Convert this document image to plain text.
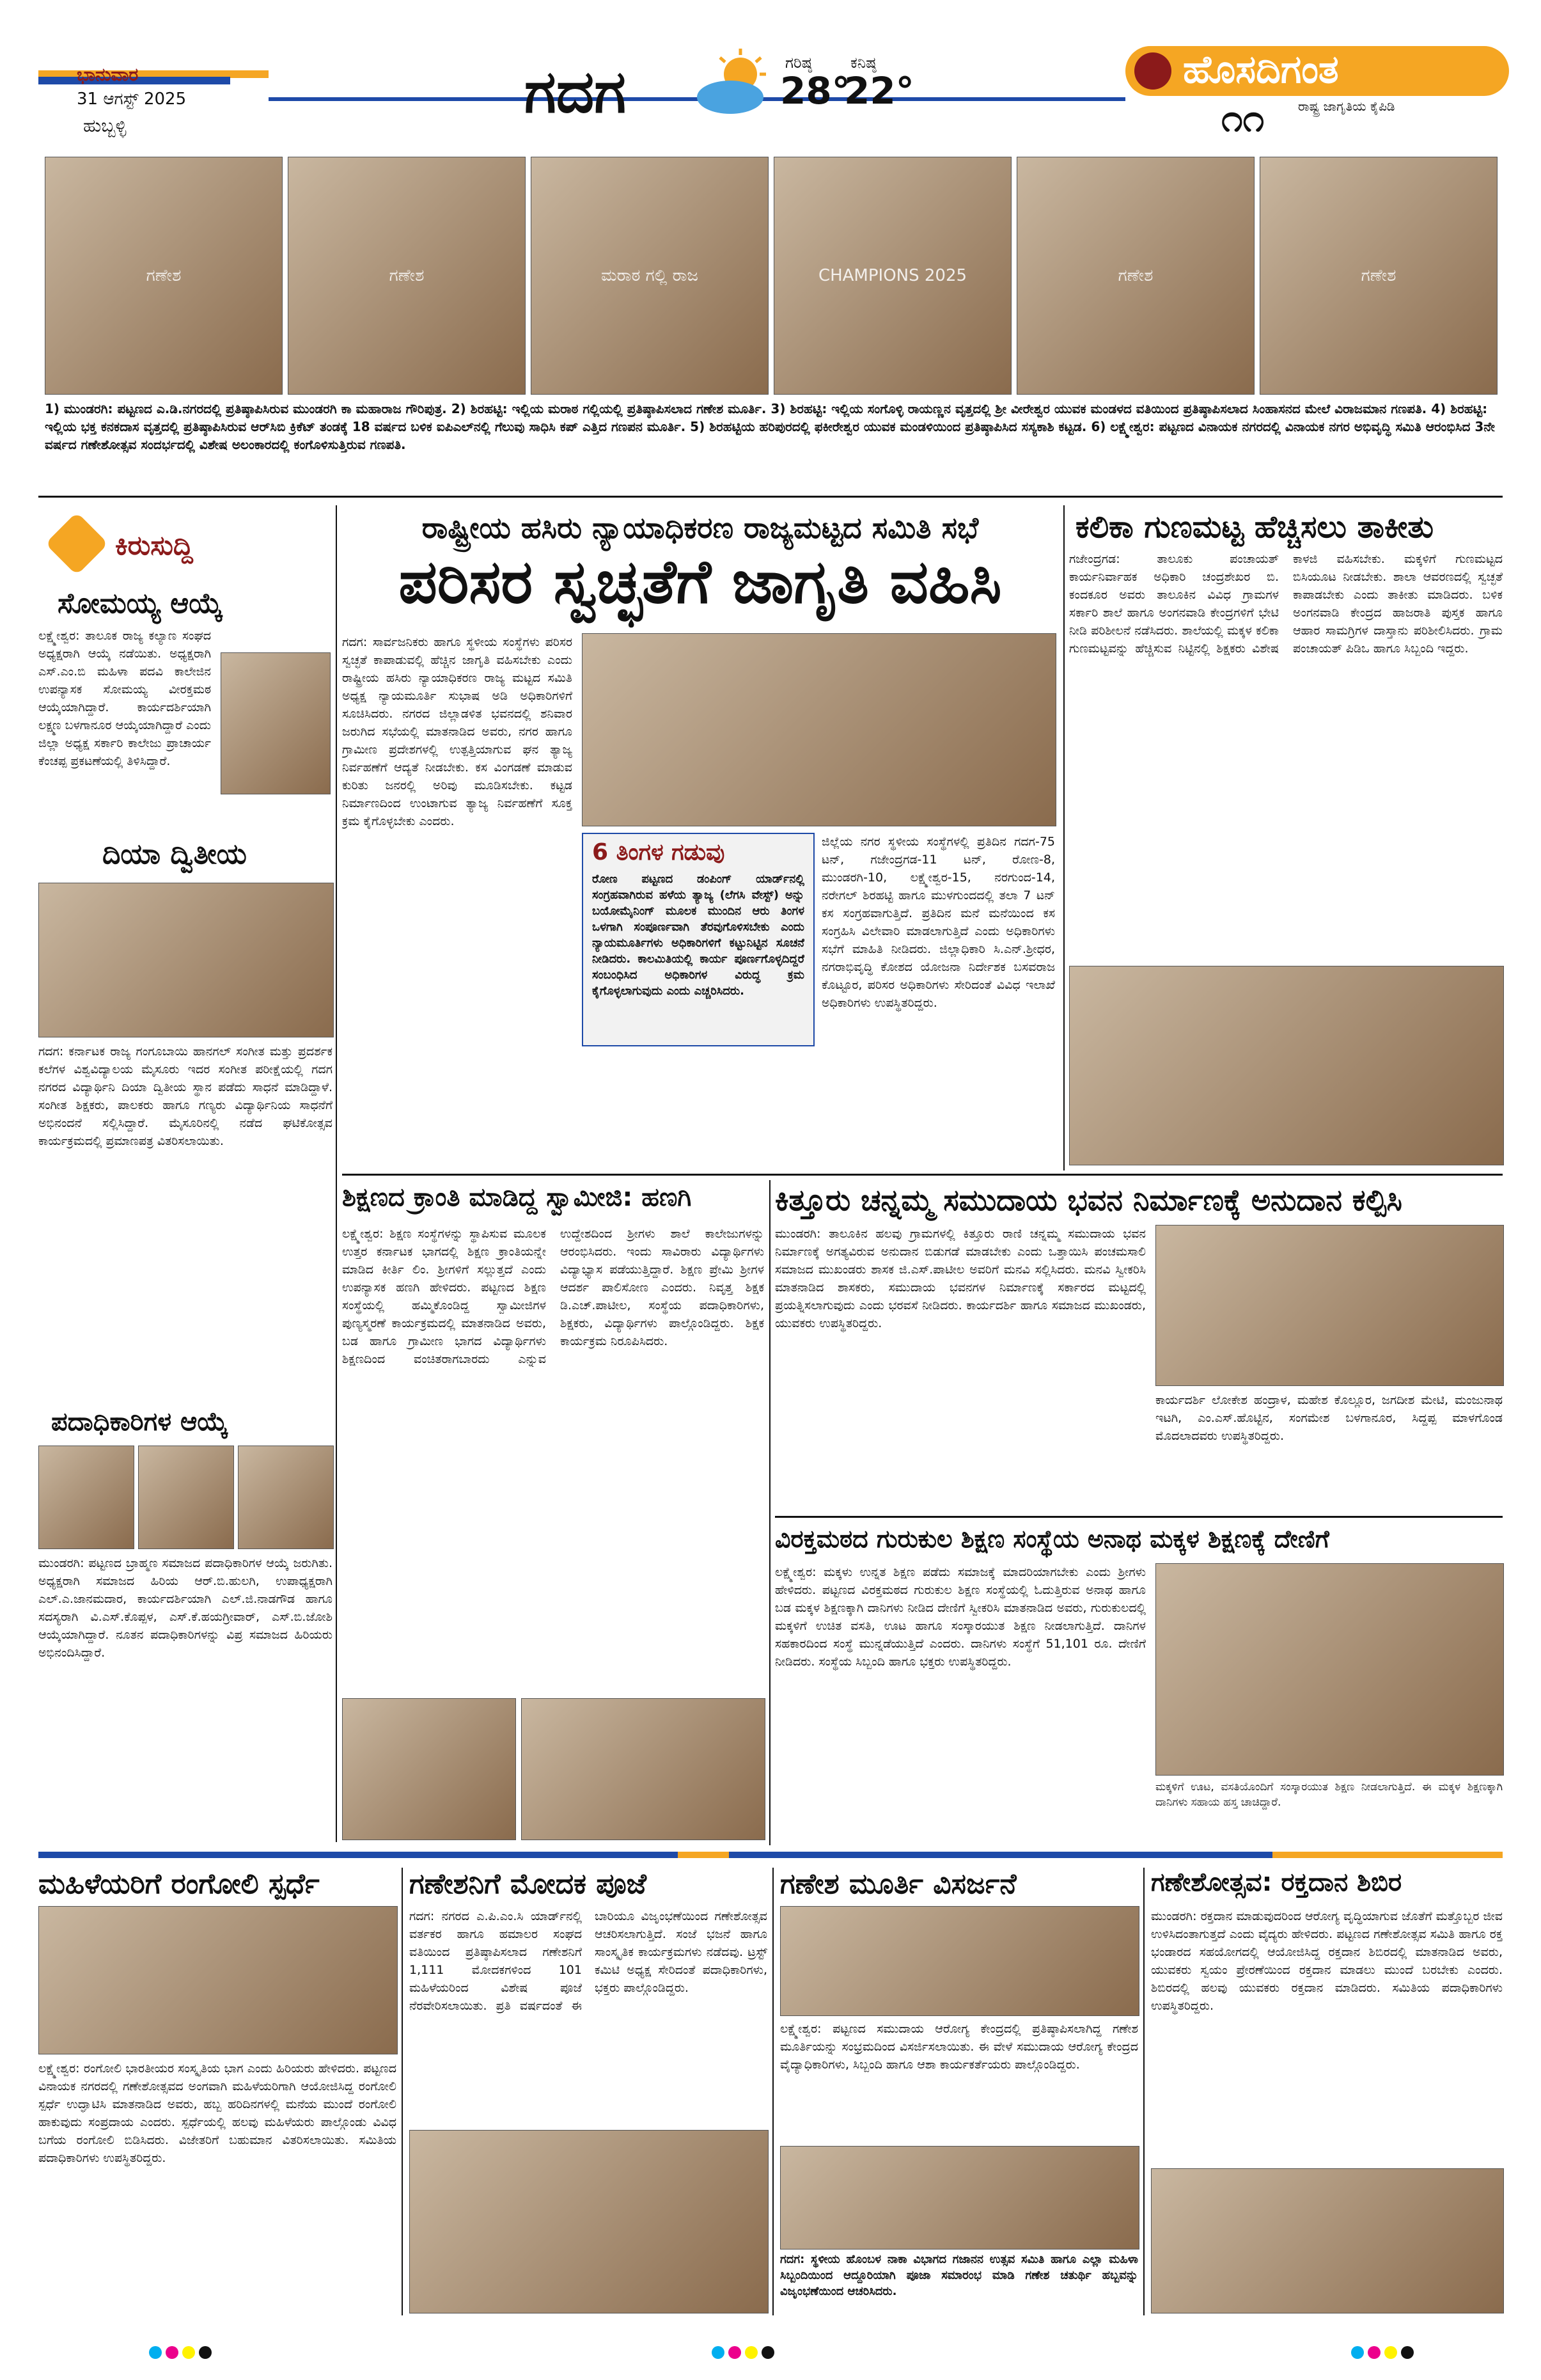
ಭಾನುವಾರ
31 ಆಗಸ್ಟ್ 2025
ಹುಬ್ಬಳ್ಳಿ	ಗದಗ	ಗರಿಷ್ಠ
28°
ಕನಿಷ್ಠ
22°	ಹೊಸದಿಗಂತ
ರಾಷ್ಟ್ರ ಜಾಗೃತಿಯ ಕೈಪಿಡಿ
೧೧
ಗಣೇಶ	ಗಣೇಶ	ಮರಾಠ ಗಲ್ಲಿ ರಾಜ	CHAMPIONS 2025	ಗಣೇಶ	ಗಣೇಶ
1) ಮುಂಡರಗಿ: ಪಟ್ಟಣದ ಎ.ಡಿ.ನಗರದಲ್ಲಿ ಪ್ರತಿಷ್ಠಾಪಿಸಿರುವ ಮುಂಡರಗಿ ಕಾ ಮಹಾರಾಜ ಗೌರಿಪುತ್ರ. 2) ಶಿರಹಟ್ಟಿ: ಇಲ್ಲಿಯ ಮರಾಠ ಗಲ್ಲಿಯಲ್ಲಿ ಪ್ರತಿಷ್ಠಾಪಿಸಲಾದ ಗಣೇಶ ಮೂರ್ತಿ. 3) ಶಿರಹಟ್ಟಿ: ಇಲ್ಲಿಯ ಸಂಗೊಳ್ಳಿ ರಾಯಣ್ಣನ ವೃತ್ತದಲ್ಲಿ ಶ್ರೀ ವೀರೇಶ್ವರ ಯುವಕ ಮಂಡಳದ ವತಿಯಿಂದ ಪ್ರತಿಷ್ಠಾಪಿಸಲಾದ ಸಿಂಹಾಸನದ ಮೇಲೆ ವಿರಾಜಮಾನ ಗಣಪತಿ. 4) ಶಿರಹಟ್ಟಿ: ಇಲ್ಲಿಯ ಭಕ್ತ ಕನಕದಾಸ ವೃತ್ತದಲ್ಲಿ ಪ್ರತಿಷ್ಠಾಪಿಸಿರುವ ಆರ್‌ಸಿಬಿ ಕ್ರಿಕೆಟ್ ತಂಡಕ್ಕೆ 18 ವರ್ಷದ ಬಳಿಕ ಐಪಿಎಲ್‌ನಲ್ಲಿ ಗೆಲುವು ಸಾಧಿಸಿ ಕಪ್ ಎತ್ತಿದ ಗಣಪನ ಮೂರ್ತಿ. 5) ಶಿರಹಟ್ಟಿಯ ಹರಿಪುರದಲ್ಲಿ ಫಕೀರೇಶ್ವರ ಯುವಕ ಮಂಡಳಿಯಿಂದ ಪ್ರತಿಷ್ಠಾಪಿಸಿದ ಸಸ್ಯಕಾಶಿ ಕಟ್ಟಡ. 6) ಲಕ್ಷ್ಮೇಶ್ವರ: ಪಟ್ಟಣದ ವಿನಾಯಕ ನಗರದಲ್ಲಿ ವಿನಾಯಕ ನಗರ ಅಭಿವೃದ್ಧಿ ಸಮಿತಿ ಆರಂಭಿಸಿದ 3ನೇ ವರ್ಷದ ಗಣೇಶೋತ್ಸವ ಸಂದರ್ಭದಲ್ಲಿ ವಿಶೇಷ ಅಲಂಕಾರದಲ್ಲಿ ಕಂಗೊಳಿಸುತ್ತಿರುವ ಗಣಪತಿ.
ಕಿರುಸುದ್ದಿ
ಸೋಮಯ್ಯ ಆಯ್ಕೆ
ಲಕ್ಷ್ಮೇಶ್ವರ: ತಾಲೂಕ ರಾಜ್ಯ ಕಲ್ಯಾಣ ಸಂಘದ ಅಧ್ಯಕ್ಷರಾಗಿ ಆಯ್ಕೆ ನಡೆಯಿತು. ಅಧ್ಯಕ್ಷರಾಗಿ ಎಸ್.ಎಂ.ಬಿ ಮಹಿಳಾ ಪದವಿ ಕಾಲೇಜಿನ ಉಪನ್ಯಾಸಕ ಸೋಮಯ್ಯ ವೀರಕ್ತಮಠ ಆಯ್ಕೆಯಾಗಿದ್ದಾರೆ. ಕಾರ್ಯದರ್ಶಿಯಾಗಿ ಲಕ್ಷ್ಮಣ ಬಳಗಾನೂರ ಆಯ್ಕೆಯಾಗಿದ್ದಾರೆ ಎಂದು ಜಿಲ್ಲಾ ಅಧ್ಯಕ್ಷ ಸರ್ಕಾರಿ ಕಾಲೇಜು ಪ್ರಾಚಾರ್ಯ ಕೆಂಚಪ್ಪ ಪ್ರಕಟಣೆಯಲ್ಲಿ ತಿಳಿಸಿದ್ದಾರೆ.
ದಿಯಾ ದ್ವಿತೀಯ
ಗದಗ: ಕರ್ನಾಟಕ ರಾಜ್ಯ ಗಂಗೂಬಾಯಿ ಹಾನಗಲ್ ಸಂಗೀತ ಮತ್ತು ಪ್ರದರ್ಶಕ ಕಲೆಗಳ ವಿಶ್ವವಿದ್ಯಾಲಯ ಮೈಸೂರು ಇದರ ಸಂಗೀತ ಪರೀಕ್ಷೆಯಲ್ಲಿ ಗದಗ ನಗರದ ವಿದ್ಯಾರ್ಥಿನಿ ದಿಯಾ ದ್ವಿತೀಯ ಸ್ಥಾನ ಪಡೆದು ಸಾಧನೆ ಮಾಡಿದ್ದಾಳೆ. ಸಂಗೀತ ಶಿಕ್ಷಕರು, ಪಾಲಕರು ಹಾಗೂ ಗಣ್ಯರು ವಿದ್ಯಾರ್ಥಿನಿಯ ಸಾಧನೆಗೆ ಅಭಿನಂದನೆ ಸಲ್ಲಿಸಿದ್ದಾರೆ. ಮೈಸೂರಿನಲ್ಲಿ ನಡೆದ ಘಟಿಕೋತ್ಸವ ಕಾರ್ಯಕ್ರಮದಲ್ಲಿ ಪ್ರಮಾಣಪತ್ರ ವಿತರಿಸಲಾಯಿತು.
ಪದಾಧಿಕಾರಿಗಳ ಆಯ್ಕೆ
ಮುಂಡರಗಿ: ಪಟ್ಟಣದ ಬ್ರಾಹ್ಮಣ ಸಮಾಜದ ಪದಾಧಿಕಾರಿಗಳ ಆಯ್ಕೆ ಜರುಗಿತು. ಅಧ್ಯಕ್ಷರಾಗಿ ಸಮಾಜದ ಹಿರಿಯ ಆರ್.ಬಿ.ಹುಲಗಿ, ಉಪಾಧ್ಯಕ್ಷರಾಗಿ ಎಲ್.ಎ.ಜಾನಮದಾರ, ಕಾರ್ಯದರ್ಶಿಯಾಗಿ ಎಲ್.ಜಿ.ನಾಡಗೌಡ ಹಾಗೂ ಸದಸ್ಯರಾಗಿ ವಿ.ಎಸ್.ಕೊಪ್ಪಳ, ಎಸ್.ಕೆ.ಹಯಗ್ರೀವಾರ್, ಎಸ್.ಬಿ.ಜೋಶಿ ಆಯ್ಕೆಯಾಗಿದ್ದಾರೆ. ನೂತನ ಪದಾಧಿಕಾರಿಗಳನ್ನು ವಿಪ್ರ ಸಮಾಜದ ಹಿರಿಯರು ಅಭಿನಂದಿಸಿದ್ದಾರೆ.
ರಾಷ್ಟ್ರೀಯ ಹಸಿರು ನ್ಯಾಯಾಧಿಕರಣ ರಾಜ್ಯಮಟ್ಟದ ಸಮಿತಿ ಸಭೆ
ಪರಿಸರ ಸ್ವಚ್ಛತೆಗೆ ಜಾಗೃತಿ ವಹಿಸಿ
ಗದಗ: ಸಾರ್ವಜನಿಕರು ಹಾಗೂ ಸ್ಥಳೀಯ ಸಂಸ್ಥೆಗಳು ಪರಿಸರ ಸ್ವಚ್ಛತೆ ಕಾಪಾಡುವಲ್ಲಿ ಹೆಚ್ಚಿನ ಜಾಗೃತಿ ವಹಿಸಬೇಕು ಎಂದು ರಾಷ್ಟ್ರೀಯ ಹಸಿರು ನ್ಯಾಯಾಧಿಕರಣ ರಾಜ್ಯ ಮಟ್ಟದ ಸಮಿತಿ ಅಧ್ಯಕ್ಷ ನ್ಯಾಯಮೂರ್ತಿ ಸುಭಾಷ ಅಡಿ ಅಧಿಕಾರಿಗಳಿಗೆ ಸೂಚಿಸಿದರು. ನಗರದ ಜಿಲ್ಲಾಡಳಿತ ಭವನದಲ್ಲಿ ಶನಿವಾರ ಜರುಗಿದ ಸಭೆಯಲ್ಲಿ ಮಾತನಾಡಿದ ಅವರು, ನಗರ ಹಾಗೂ ಗ್ರಾಮೀಣ ಪ್ರದೇಶಗಳಲ್ಲಿ ಉತ್ಪತ್ತಿಯಾಗುವ ಘನ ತ್ಯಾಜ್ಯ ನಿರ್ವಹಣೆಗೆ ಆದ್ಯತೆ ನೀಡಬೇಕು. ಕಸ ವಿಂಗಡಣೆ ಮಾಡುವ ಕುರಿತು ಜನರಲ್ಲಿ ಅರಿವು ಮೂಡಿಸಬೇಕು. ಕಟ್ಟಡ ನಿರ್ಮಾಣದಿಂದ ಉಂಟಾಗುವ ತ್ಯಾಜ್ಯ ನಿರ್ವಹಣೆಗೆ ಸೂಕ್ತ ಕ್ರಮ ಕೈಗೊಳ್ಳಬೇಕು ಎಂದರು.
6 ತಿಂಗಳ ಗಡುವು
ರೋಣ ಪಟ್ಟಣದ ಡಂಪಿಂಗ್ ಯಾರ್ಡ್‌ನಲ್ಲಿ ಸಂಗ್ರಹವಾಗಿರುವ ಹಳೆಯ ತ್ಯಾಜ್ಯ (ಲೆಗಸಿ ವೇಸ್ಟ್) ಅನ್ನು ಬಯೋಮೈನಿಂಗ್ ಮೂಲಕ ಮುಂದಿನ ಆರು ತಿಂಗಳ ಒಳಗಾಗಿ ಸಂಪೂರ್ಣವಾಗಿ ತೆರವುಗೊಳಿಸಬೇಕು ಎಂದು ನ್ಯಾಯಮೂರ್ತಿಗಳು ಅಧಿಕಾರಿಗಳಿಗೆ ಕಟ್ಟುನಿಟ್ಟಿನ ಸೂಚನೆ ನೀಡಿದರು. ಕಾಲಮಿತಿಯಲ್ಲಿ ಕಾರ್ಯ ಪೂರ್ಣಗೊಳ್ಳದಿದ್ದರೆ ಸಂಬಂಧಿಸಿದ ಅಧಿಕಾರಿಗಳ ವಿರುದ್ಧ ಕ್ರಮ ಕೈಗೊಳ್ಳಲಾಗುವುದು ಎಂದು ಎಚ್ಚರಿಸಿದರು.
ಜಿಲ್ಲೆಯ ನಗರ ಸ್ಥಳೀಯ ಸಂಸ್ಥೆಗಳಲ್ಲಿ ಪ್ರತಿದಿನ ಗದಗ-75 ಟನ್, ಗಜೇಂದ್ರಗಡ-11 ಟನ್, ರೋಣ-8, ಮುಂಡರಗಿ-10, ಲಕ್ಷ್ಮೇಶ್ವರ-15, ನರಗುಂದ-14, ನರೇಗಲ್ ಶಿರಹಟ್ಟಿ ಹಾಗೂ ಮುಳಗುಂದದಲ್ಲಿ ತಲಾ 7 ಟನ್ ಕಸ ಸಂಗ್ರಹವಾಗುತ್ತಿದೆ. ಪ್ರತಿದಿನ ಮನೆ ಮನೆಯಿಂದ ಕಸ ಸಂಗ್ರಹಿಸಿ ವಿಲೇವಾರಿ ಮಾಡಲಾಗುತ್ತಿದೆ ಎಂದು ಅಧಿಕಾರಿಗಳು ಸಭೆಗೆ ಮಾಹಿತಿ ನೀಡಿದರು. ಜಿಲ್ಲಾಧಿಕಾರಿ ಸಿ.ಎನ್.ಶ್ರೀಧರ, ನಗರಾಭಿವೃದ್ಧಿ ಕೋಶದ ಯೋಜನಾ ನಿರ್ದೇಶಕ ಬಸವರಾಜ ಕೊಟ್ಟೂರ, ಪರಿಸರ ಅಧಿಕಾರಿಗಳು ಸೇರಿದಂತೆ ವಿವಿಧ ಇಲಾಖೆ ಅಧಿಕಾರಿಗಳು ಉಪಸ್ಥಿತರಿದ್ದರು.
ಕಲಿಕಾ ಗುಣಮಟ್ಟ ಹೆಚ್ಚಿಸಲು ತಾಕೀತು
ಗಜೇಂದ್ರಗಡ: ತಾಲೂಕು ಪಂಚಾಯತ್ ಕಾರ್ಯನಿರ್ವಾಹಕ ಅಧಿಕಾರಿ ಚಂದ್ರಶೇಖರ ಬಿ. ಕಂದಕೂರ ಅವರು ತಾಲೂಕಿನ ವಿವಿಧ ಗ್ರಾಮಗಳ ಸರ್ಕಾರಿ ಶಾಲೆ ಹಾಗೂ ಅಂಗನವಾಡಿ ಕೇಂದ್ರಗಳಿಗೆ ಭೇಟಿ ನೀಡಿ ಪರಿಶೀಲನೆ ನಡೆಸಿದರು. ಶಾಲೆಯಲ್ಲಿ ಮಕ್ಕಳ ಕಲಿಕಾ ಗುಣಮಟ್ಟವನ್ನು ಹೆಚ್ಚಿಸುವ ನಿಟ್ಟಿನಲ್ಲಿ ಶಿಕ್ಷಕರು ವಿಶೇಷ ಕಾಳಜಿ ವಹಿಸಬೇಕು. ಮಕ್ಕಳಿಗೆ ಗುಣಮಟ್ಟದ ಬಿಸಿಯೂಟ ನೀಡಬೇಕು. ಶಾಲಾ ಆವರಣದಲ್ಲಿ ಸ್ವಚ್ಛತೆ ಕಾಪಾಡಬೇಕು ಎಂದು ತಾಕೀತು ಮಾಡಿದರು. ಬಳಿಕ ಅಂಗನವಾಡಿ ಕೇಂದ್ರದ ಹಾಜರಾತಿ ಪುಸ್ತಕ ಹಾಗೂ ಆಹಾರ ಸಾಮಗ್ರಿಗಳ ದಾಸ್ತಾನು ಪರಿಶೀಲಿಸಿದರು. ಗ್ರಾಮ ಪಂಚಾಯತ್ ಪಿಡಿಒ ಹಾಗೂ ಸಿಬ್ಬಂದಿ ಇದ್ದರು.
ಶಿಕ್ಷಣದ ಕ್ರಾಂತಿ ಮಾಡಿದ್ದ ಸ್ವಾಮೀಜಿ: ಹಣಗಿ
ಲಕ್ಷ್ಮೇಶ್ವರ: ಶಿಕ್ಷಣ ಸಂಸ್ಥೆಗಳನ್ನು ಸ್ಥಾಪಿಸುವ ಮೂಲಕ ಉತ್ತರ ಕರ್ನಾಟಕ ಭಾಗದಲ್ಲಿ ಶಿಕ್ಷಣ ಕ್ರಾಂತಿಯನ್ನೇ ಮಾಡಿದ ಕೀರ್ತಿ ಲಿಂ. ಶ್ರೀಗಳಿಗೆ ಸಲ್ಲುತ್ತದೆ ಎಂದು ಉಪನ್ಯಾಸಕ ಹಣಗಿ ಹೇಳಿದರು. ಪಟ್ಟಣದ ಶಿಕ್ಷಣ ಸಂಸ್ಥೆಯಲ್ಲಿ ಹಮ್ಮಿಕೊಂಡಿದ್ದ ಸ್ವಾಮೀಜಿಗಳ ಪುಣ್ಯಸ್ಮರಣೆ ಕಾರ್ಯಕ್ರಮದಲ್ಲಿ ಮಾತನಾಡಿದ ಅವರು, ಬಡ ಹಾಗೂ ಗ್ರಾಮೀಣ ಭಾಗದ ವಿದ್ಯಾರ್ಥಿಗಳು ಶಿಕ್ಷಣದಿಂದ ವಂಚಿತರಾಗಬಾರದು ಎನ್ನುವ ಉದ್ದೇಶದಿಂದ ಶ್ರೀಗಳು ಶಾಲೆ ಕಾಲೇಜುಗಳನ್ನು ಆರಂಭಿಸಿದರು. ಇಂದು ಸಾವಿರಾರು ವಿದ್ಯಾರ್ಥಿಗಳು ವಿದ್ಯಾಭ್ಯಾಸ ಪಡೆಯುತ್ತಿದ್ದಾರೆ. ಶಿಕ್ಷಣ ಪ್ರೇಮಿ ಶ್ರೀಗಳ ಆದರ್ಶ ಪಾಲಿಸೋಣ ಎಂದರು. ನಿವೃತ್ತ ಶಿಕ್ಷಕ ಡಿ.ಎಚ್.ಪಾಟೀಲ, ಸಂಸ್ಥೆಯ ಪದಾಧಿಕಾರಿಗಳು, ಶಿಕ್ಷಕರು, ವಿದ್ಯಾರ್ಥಿಗಳು ಪಾಲ್ಗೊಂಡಿದ್ದರು. ಶಿಕ್ಷಕ ಕಾರ್ಯಕ್ರಮ ನಿರೂಪಿಸಿದರು.
ಕಿತ್ತೂರು ಚನ್ನಮ್ಮ ಸಮುದಾಯ ಭವನ ನಿರ್ಮಾಣಕ್ಕೆ ಅನುದಾನ ಕಲ್ಪಿಸಿ
ಮುಂಡರಗಿ: ತಾಲೂಕಿನ ಹಲವು ಗ್ರಾಮಗಳಲ್ಲಿ ಕಿತ್ತೂರು ರಾಣಿ ಚನ್ನಮ್ಮ ಸಮುದಾಯ ಭವನ ನಿರ್ಮಾಣಕ್ಕೆ ಅಗತ್ಯವಿರುವ ಅನುದಾನ ಬಿಡುಗಡೆ ಮಾಡಬೇಕು ಎಂದು ಒತ್ತಾಯಿಸಿ ಪಂಚಮಸಾಲಿ ಸಮಾಜದ ಮುಖಂಡರು ಶಾಸಕ ಜಿ.ಎಸ್.ಪಾಟೀಲ ಅವರಿಗೆ ಮನವಿ ಸಲ್ಲಿಸಿದರು. ಮನವಿ ಸ್ವೀಕರಿಸಿ ಮಾತನಾಡಿದ ಶಾಸಕರು, ಸಮುದಾಯ ಭವನಗಳ ನಿರ್ಮಾಣಕ್ಕೆ ಸರ್ಕಾರದ ಮಟ್ಟದಲ್ಲಿ ಪ್ರಯತ್ನಿಸಲಾಗುವುದು ಎಂದು ಭರವಸೆ ನೀಡಿದರು. ಕಾರ್ಯದರ್ಶಿ ಹಾಗೂ ಸಮಾಜದ ಮುಖಂಡರು, ಯುವಕರು ಉಪಸ್ಥಿತರಿದ್ದರು.
ಕಾರ್ಯದರ್ಶಿ ಲೋಕೇಶ ಹಂದ್ರಾಳ, ಮಹೇಶ ಕೊಲ್ಲೂರ, ಜಗದೀಶ ಮೇಟಿ, ಮಂಜುನಾಥ ಇಟಗಿ, ಎಂ.ಎಸ್.ಹೊಟ್ಟಿನ, ಸಂಗಮೇಶ ಬಳಗಾನೂರ, ಸಿದ್ದಪ್ಪ ಮಾಳಗೊಂಡ ಮೊದಲಾದವರು ಉಪಸ್ಥಿತರಿದ್ದರು.
ವಿರಕ್ತಮಠದ ಗುರುಕುಲ ಶಿಕ್ಷಣ ಸಂಸ್ಥೆಯ ಅನಾಥ ಮಕ್ಕಳ ಶಿಕ್ಷಣಕ್ಕೆ ದೇಣಿಗೆ
ಲಕ್ಷ್ಮೇಶ್ವರ: ಮಕ್ಕಳು ಉನ್ನತ ಶಿಕ್ಷಣ ಪಡೆದು ಸಮಾಜಕ್ಕೆ ಮಾದರಿಯಾಗಬೇಕು ಎಂದು ಶ್ರೀಗಳು ಹೇಳಿದರು. ಪಟ್ಟಣದ ವಿರಕ್ತಮಠದ ಗುರುಕುಲ ಶಿಕ್ಷಣ ಸಂಸ್ಥೆಯಲ್ಲಿ ಓದುತ್ತಿರುವ ಅನಾಥ ಹಾಗೂ ಬಡ ಮಕ್ಕಳ ಶಿಕ್ಷಣಕ್ಕಾಗಿ ದಾನಿಗಳು ನೀಡಿದ ದೇಣಿಗೆ ಸ್ವೀಕರಿಸಿ ಮಾತನಾಡಿದ ಅವರು, ಗುರುಕುಲದಲ್ಲಿ ಮಕ್ಕಳಿಗೆ ಉಚಿತ ವಸತಿ, ಊಟ ಹಾಗೂ ಸಂಸ್ಕಾರಯುತ ಶಿಕ್ಷಣ ನೀಡಲಾಗುತ್ತಿದೆ. ದಾನಿಗಳ ಸಹಕಾರದಿಂದ ಸಂಸ್ಥೆ ಮುನ್ನಡೆಯುತ್ತಿದೆ ಎಂದರು. ದಾನಿಗಳು ಸಂಸ್ಥೆಗೆ 51,101 ರೂ. ದೇಣಿಗೆ ನೀಡಿದರು. ಸಂಸ್ಥೆಯ ಸಿಬ್ಬಂದಿ ಹಾಗೂ ಭಕ್ತರು ಉಪಸ್ಥಿತರಿದ್ದರು.
ಮಕ್ಕಳಿಗೆ ಊಟ, ವಸತಿಯೊಂದಿಗೆ ಸಂಸ್ಕಾರಯುತ ಶಿಕ್ಷಣ ನೀಡಲಾಗುತ್ತಿದೆ. ಈ ಮಕ್ಕಳ ಶಿಕ್ಷಣಕ್ಕಾಗಿ ದಾನಿಗಳು ಸಹಾಯ ಹಸ್ತ ಚಾಚಿದ್ದಾರೆ.
ಮಹಿಳೆಯರಿಗೆ ರಂಗೋಲಿ ಸ್ಪರ್ಧೆ
ಲಕ್ಷ್ಮೇಶ್ವರ: ರಂಗೋಲಿ ಭಾರತೀಯರ ಸಂಸ್ಕೃತಿಯ ಭಾಗ ಎಂದು ಹಿರಿಯರು ಹೇಳಿದರು. ಪಟ್ಟಣದ ವಿನಾಯಕ ನಗರದಲ್ಲಿ ಗಣೇಶೋತ್ಸವದ ಅಂಗವಾಗಿ ಮಹಿಳೆಯರಿಗಾಗಿ ಆಯೋಜಿಸಿದ್ದ ರಂಗೋಲಿ ಸ್ಪರ್ಧೆ ಉದ್ಘಾಟಿಸಿ ಮಾತನಾಡಿದ ಅವರು, ಹಬ್ಬ ಹರಿದಿನಗಳಲ್ಲಿ ಮನೆಯ ಮುಂದೆ ರಂಗೋಲಿ ಹಾಕುವುದು ಸಂಪ್ರದಾಯ ಎಂದರು. ಸ್ಪರ್ಧೆಯಲ್ಲಿ ಹಲವು ಮಹಿಳೆಯರು ಪಾಲ್ಗೊಂಡು ವಿವಿಧ ಬಗೆಯ ರಂಗೋಲಿ ಬಿಡಿಸಿದರು. ವಿಜೇತರಿಗೆ ಬಹುಮಾನ ವಿತರಿಸಲಾಯಿತು. ಸಮಿತಿಯ ಪದಾಧಿಕಾರಿಗಳು ಉಪಸ್ಥಿತರಿದ್ದರು.
ಗಣೇಶನಿಗೆ ಮೋದಕ ಪೂಜೆ
ಗದಗ: ನಗರದ ಎ.ಪಿ.ಎಂ.ಸಿ ಯಾರ್ಡ್‌ನಲ್ಲಿ ವರ್ತಕರ ಹಾಗೂ ಹಮಾಲರ ಸಂಘದ ವತಿಯಿಂದ ಪ್ರತಿಷ್ಠಾಪಿಸಲಾದ ಗಣೇಶನಿಗೆ 1,111 ಮೋದಕಗಳಿಂದ 101 ಮಹಿಳೆಯರಿಂದ ವಿಶೇಷ ಪೂಜೆ ನೆರವೇರಿಸಲಾಯಿತು. ಪ್ರತಿ ವರ್ಷದಂತೆ ಈ ಬಾರಿಯೂ ವಿಜೃಂಭಣೆಯಿಂದ ಗಣೇಶೋತ್ಸವ ಆಚರಿಸಲಾಗುತ್ತಿದೆ. ಸಂಜೆ ಭಜನೆ ಹಾಗೂ ಸಾಂಸ್ಕೃತಿಕ ಕಾರ್ಯಕ್ರಮಗಳು ನಡೆದವು. ಟ್ರಸ್ಟ್ ಕಮಿಟಿ ಅಧ್ಯಕ್ಷ ಸೇರಿದಂತೆ ಪದಾಧಿಕಾರಿಗಳು, ಭಕ್ತರು ಪಾಲ್ಗೊಂಡಿದ್ದರು.
ಗಣೇಶ ಮೂರ್ತಿ ವಿಸರ್ಜನೆ
ಲಕ್ಷ್ಮೇಶ್ವರ: ಪಟ್ಟಣದ ಸಮುದಾಯ ಆರೋಗ್ಯ ಕೇಂದ್ರದಲ್ಲಿ ಪ್ರತಿಷ್ಠಾಪಿಸಲಾಗಿದ್ದ ಗಣೇಶ ಮೂರ್ತಿಯನ್ನು ಸಂಭ್ರಮದಿಂದ ವಿಸರ್ಜಿಸಲಾಯಿತು. ಈ ವೇಳೆ ಸಮುದಾಯ ಆರೋಗ್ಯ ಕೇಂದ್ರದ ವೈದ್ಯಾಧಿಕಾರಿಗಳು, ಸಿಬ್ಬಂದಿ ಹಾಗೂ ಆಶಾ ಕಾರ್ಯಕರ್ತೆಯರು ಪಾಲ್ಗೊಂಡಿದ್ದರು.
ಗದಗ: ಸ್ಥಳೀಯ ಹೊಂಬಳ ನಾಕಾ ವಿಭಾಗದ ಗಜಾನನ ಉತ್ಸವ ಸಮಿತಿ ಹಾಗೂ ಎಲ್ಲಾ ಮಹಿಳಾ ಸಿಬ್ಬಂದಿಯಿಂದ ಆದ್ದೂರಿಯಾಗಿ ಪೂಜಾ ಸಮಾರಂಭ ಮಾಡಿ ಗಣೇಶ ಚತುರ್ಥಿ ಹಬ್ಬವನ್ನು ವಿಜೃಂಭಣೆಯಿಂದ ಆಚರಿಸಿದರು.
ಗಣೇಶೋತ್ಸವ: ರಕ್ತದಾನ ಶಿಬಿರ
ಮುಂಡರಗಿ: ರಕ್ತದಾನ ಮಾಡುವುದರಿಂದ ಆರೋಗ್ಯ ವೃದ್ಧಿಯಾಗುವ ಜೊತೆಗೆ ಮತ್ತೊಬ್ಬರ ಜೀವ ಉಳಿಸಿದಂತಾಗುತ್ತದೆ ಎಂದು ವೈದ್ಯರು ಹೇಳಿದರು. ಪಟ್ಟಣದ ಗಣೇಶೋತ್ಸವ ಸಮಿತಿ ಹಾಗೂ ರಕ್ತ ಭಂಡಾರದ ಸಹಯೋಗದಲ್ಲಿ ಆಯೋಜಿಸಿದ್ದ ರಕ್ತದಾನ ಶಿಬಿರದಲ್ಲಿ ಮಾತನಾಡಿದ ಅವರು, ಯುವಕರು ಸ್ವಯಂ ಪ್ರೇರಣೆಯಿಂದ ರಕ್ತದಾನ ಮಾಡಲು ಮುಂದೆ ಬರಬೇಕು ಎಂದರು. ಶಿಬಿರದಲ್ಲಿ ಹಲವು ಯುವಕರು ರಕ್ತದಾನ ಮಾಡಿದರು. ಸಮಿತಿಯ ಪದಾಧಿಕಾರಿಗಳು ಉಪಸ್ಥಿತರಿದ್ದರು.
